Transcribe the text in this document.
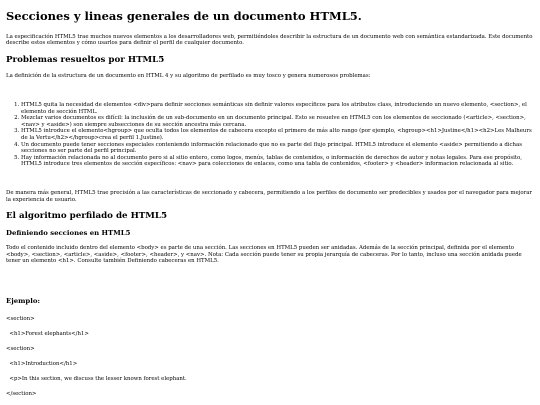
Secciones y lineas generales de un documento HTML5.

La especificación HTML5 trae muchos nuevos elementos a los desarrolladores web, permitiéndoles describir la estructura de un documento web con semántica estandarizada. Este documento describe estos elementos y cómo usarlos para definir el perfil de cualquier documento.

Problemas resueltos por HTML5

La definición de la estructura de un documento en HTML 4 y su algoritmo de perfilado es muy tosco y genera numerosos problemas:

1. HTML5 quita la necesidad de elementos <div>para definir secciones semánticas sin definir valores específicos para los atributos class, introduciendo un nuevo elemento, <section>, el elemento de sección HTML.
2. Mezclar varios documentos es difícil: la inclusión de un sub-documento en un documento principal. Esto se resuelve en HTML5 con los elementos de seccionado (<article>, <section>, <nav> y <aside>) son siempre subsecciones de su sección ancestra más cercana.
3. HTML5 introduce el elemento<hgroup> que oculta todos los elementos de cabecera excepto el primero de más alto rango (por ejemplo, <hgroup><h1>Justine</h1><h2>Les Malheurs de la Vertu</h2></hgroup>crea el perfil 1.Justine).
4. Un documento puede tener secciones especiales conteniendo información relacionado que no es parte del flujo principal. HTML5 introduce el elemento <aside> permitiendo a dichas secciones no ser parte del perfil principal.
5. Hay información relacionada no al documento pero si al sitio entero, como logos, menús, tablas de contenidos, o información de derechos de autor y notas legales. Para ese propósito, HTML5 introduce tres elementos de sección específicos: <nav> para colecciones de enlaces, como una tabla de contenidos, <footer> y <header> informacion relacionada al sitio.

De manera más general, HTML5 trae precisión a las características de seccionado y cabecera, permitiendo a los perfiles de documento ser predecibles y usados por el navegador para mejorar la experiencia de usuario.

El algoritmo perfilado de HTML5
Definiendo secciones en HTML5

Todo el contenido incluido dentro del elemento <body> es parte de una sección. Las secciones en HTML5 pueden ser anidadas. Además de la sección principal, definida por el elemento <body>, <section>, <article>, <aside>, <footer>, <header>, y <nav>. Nota: Cada sección puede tener su propia jerarquía de cabeceras. Por lo tanto, incluso una sección anidada puede tener un elemento <h1>. Consulte también Definiendo cabeceras en HTML5.

Ejemplo:
<section>
<h1>Forest elephants</h1>
<section>
<h1>Introduction</h1>
<p>In this section, we discuss the lesser known forest elephant.
</section>
